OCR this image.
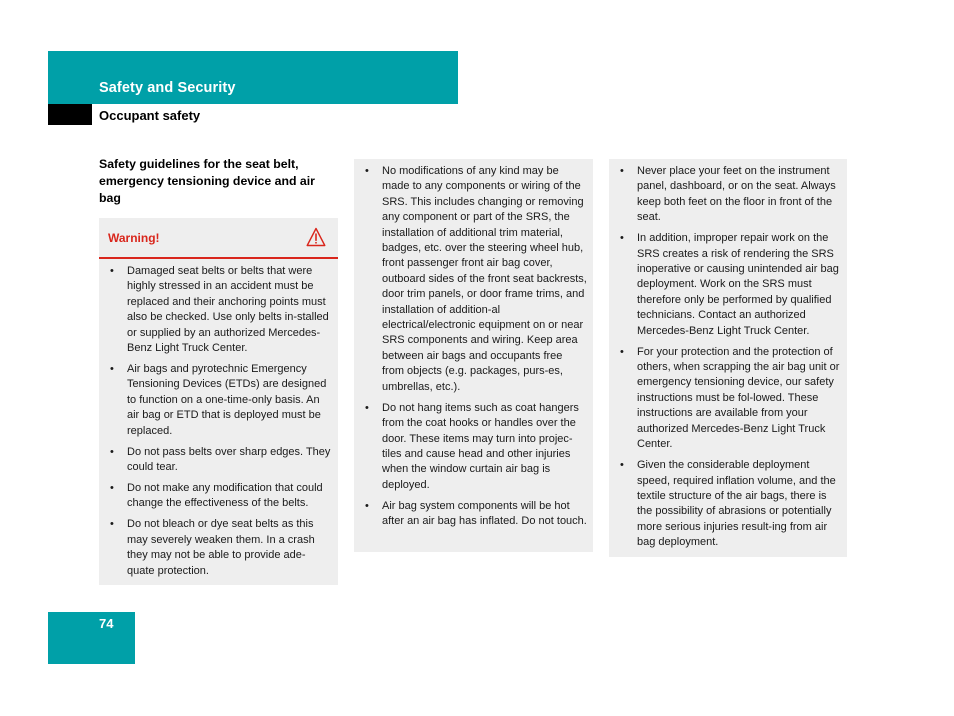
Safety and Security
Occupant safety
Safety guidelines for the seat belt, emergency tensioning device and air bag
Warning!
• Damaged seat belts or belts that were highly stressed in an accident must be replaced and their anchoring points must also be checked. Use only belts in-stalled or supplied by an authorized Mercedes-Benz Light Truck Center.
• Air bags and pyrotechnic Emergency Tensioning Devices (ETDs) are designed to function on a one-time-only basis. An air bag or ETD that is deployed must be replaced.
• Do not pass belts over sharp edges. They could tear.
• Do not make any modification that could change the effectiveness of the belts.
• Do not bleach or dye seat belts as this may severely weaken them. In a crash they may not be able to provide ade-quate protection.
• No modifications of any kind may be made to any components or wiring of the SRS. This includes changing or removing any component or part of the SRS, the installation of additional trim material, badges, etc. over the steering wheel hub, front passenger front air bag cover, outboard sides of the front seat backrests, door trim panels, or door frame trims, and installation of addition-al electrical/electronic equipment on or near SRS components and wiring. Keep area between air bags and occupants free from objects (e.g. packages, purs-es, umbrellas, etc.).
• Do not hang items such as coat hangers from the coat hooks or handles over the door. These items may turn into projec-tiles and cause head and other injuries when the window curtain air bag is deployed.
• Air bag system components will be hot after an air bag has inflated. Do not touch.
• Never place your feet on the instrument panel, dashboard, or on the seat. Always keep both feet on the floor in front of the seat.
• In addition, improper repair work on the SRS creates a risk of rendering the SRS inoperative or causing unintended air bag deployment. Work on the SRS must therefore only be performed by qualified technicians. Contact an authorized Mercedes-Benz Light Truck Center.
• For your protection and the protection of others, when scrapping the air bag unit or emergency tensioning device, our safety instructions must be fol-lowed. These instructions are available from your authorized Mercedes-Benz Light Truck Center.
• Given the considerable deployment speed, required inflation volume, and the textile structure of the air bags, there is the possibility of abrasions or potentially more serious injuries result-ing from air bag deployment.
74
